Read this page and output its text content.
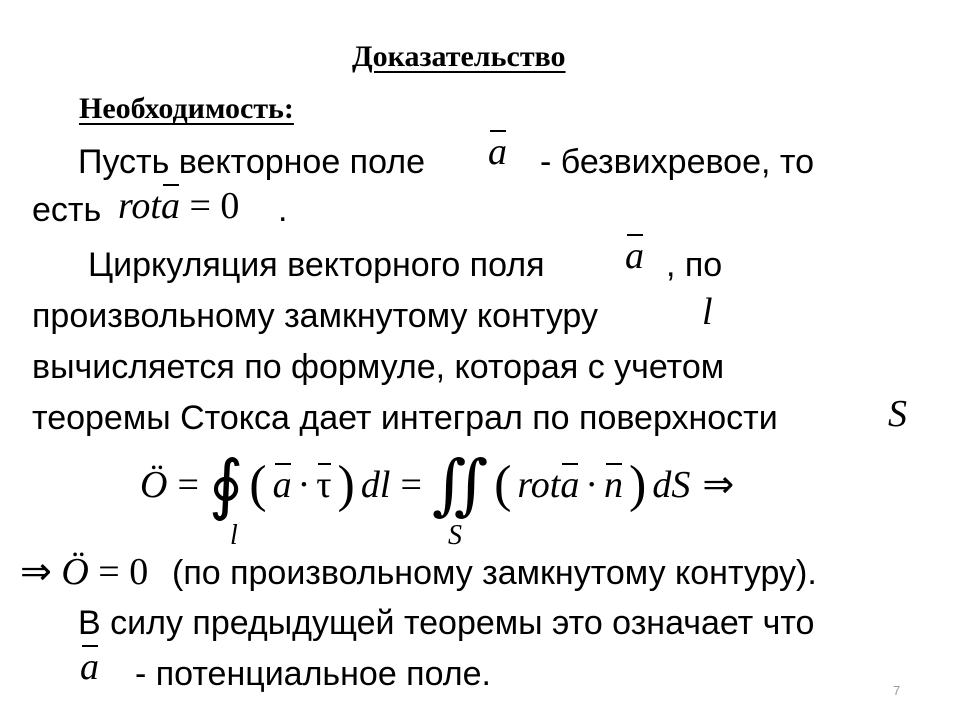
Доказательство
Необходимость:
Пусть векторное поле a - безвихревое, то
есть rota = 0 .
Циркуляция векторного поля a , по
произвольному замкнутому контуру	l
вычисляется по формуле, которая с учетом
теоремы Стокса дает интеграл по поверхности	S
Ö = ∮ ( a · τ ) dl = ∬ ( rota · n ) dS ⇒
l	S
⇒ Ö = 0 (по произвольному замкнутому контуру).
В силу предыдущей теоремы это означает что
a - потенциальное поле.	7
